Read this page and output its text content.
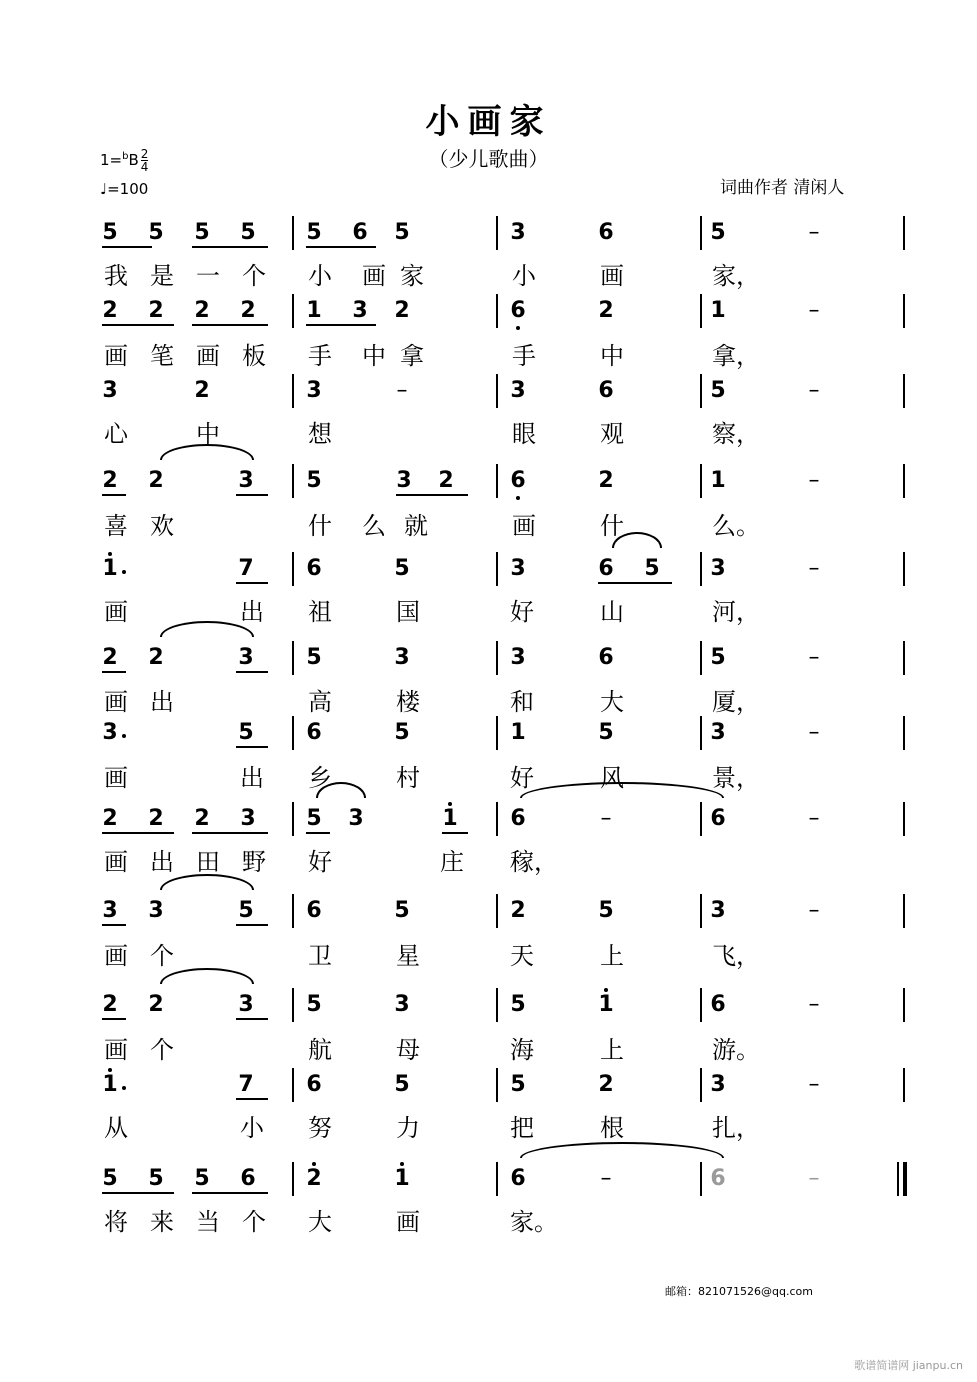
小画家
（少儿歌曲）
$1=^bB \frac{2}{4}$
♩=100	词曲作者 清闲人
5 5 5 5 5 6 5	3	6	5	–
我 是 一 个 小 画 家	小	画	家，
2 2 2 2 1 3 2	6	2	1	–
画 笔 画 板 手 中 拿	手	中	拿，
3	2	3	–	3	6	5	–
心	中	想	眼	观	察，
2 2	3 5	3 2	6	2	1	–
喜 欢	什 么 就	画	什	么。
1	7 6	5	3	6 5 3	–
画	出 祖	国	好	山	河，
2 2	3 5	3	3	6	5	–
画 出	高	楼	和	大	厦，
3	5 6	5	1	5	3	–
画	出 乡	村	好	风	景，
2 2 2 3 5 3	1 6	–	6	–
画 出 田 野 好	庄 稼，
3 3	5 6	5	2	5	3	–
画 个	卫	星	天	上	飞，
2 2	3 5	3	5	1	6	–
画 个	航	母	海	上	游。
1	7 6	5	5	2	3	–
从	小 努	力	把	根	扎，
5 5 5 6 2	1	6	–	6	–
将 来 当 个 大	画	家。
邮箱：821071526@qq.com
歌谱简谱网 jianpu.cn
